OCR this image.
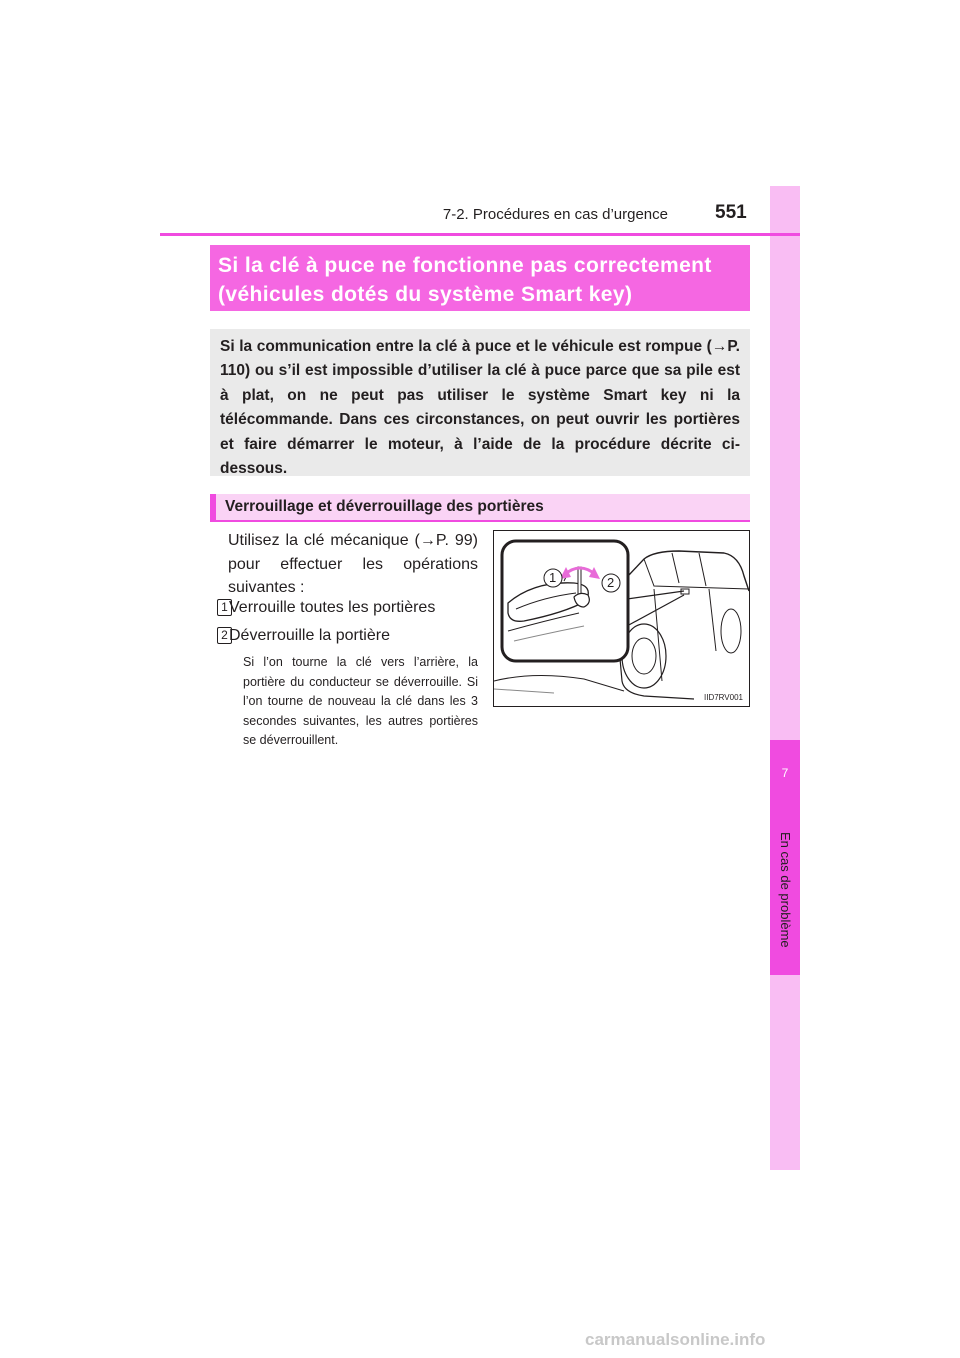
7
En cas de problème
7-2. Procédures en cas d’urgence 551
Si la clé à puce ne fonctionne pas correctement
(véhicules dotés du système Smart key)
Si la communication entre la clé à puce et le véhicule est rompue (→P. 110) ou s’il est impossible d’utiliser la clé à puce parce que sa pile est à plat, on ne peut pas utiliser le système Smart key ni la télécommande. Dans ces circonstances, on peut ouvrir les portières et faire démarrer le moteur, à l’aide de la procédure décrite ci-dessous.
Verrouillage et déverrouillage des portières
Utilisez la clé mécanique (→P. 99) pour effectuer les opérations suivantes :
1 Verrouille toutes les portières
2 Déverrouille la portière
Si l’on tourne la clé vers l’arrière, la portière du conducteur se déverrouille. Si l’on tourne de nouveau la clé dans les 3 secondes suivantes, les autres portières se déverrouillent.
1	2
IID7RV001
carmanualsonline.info
